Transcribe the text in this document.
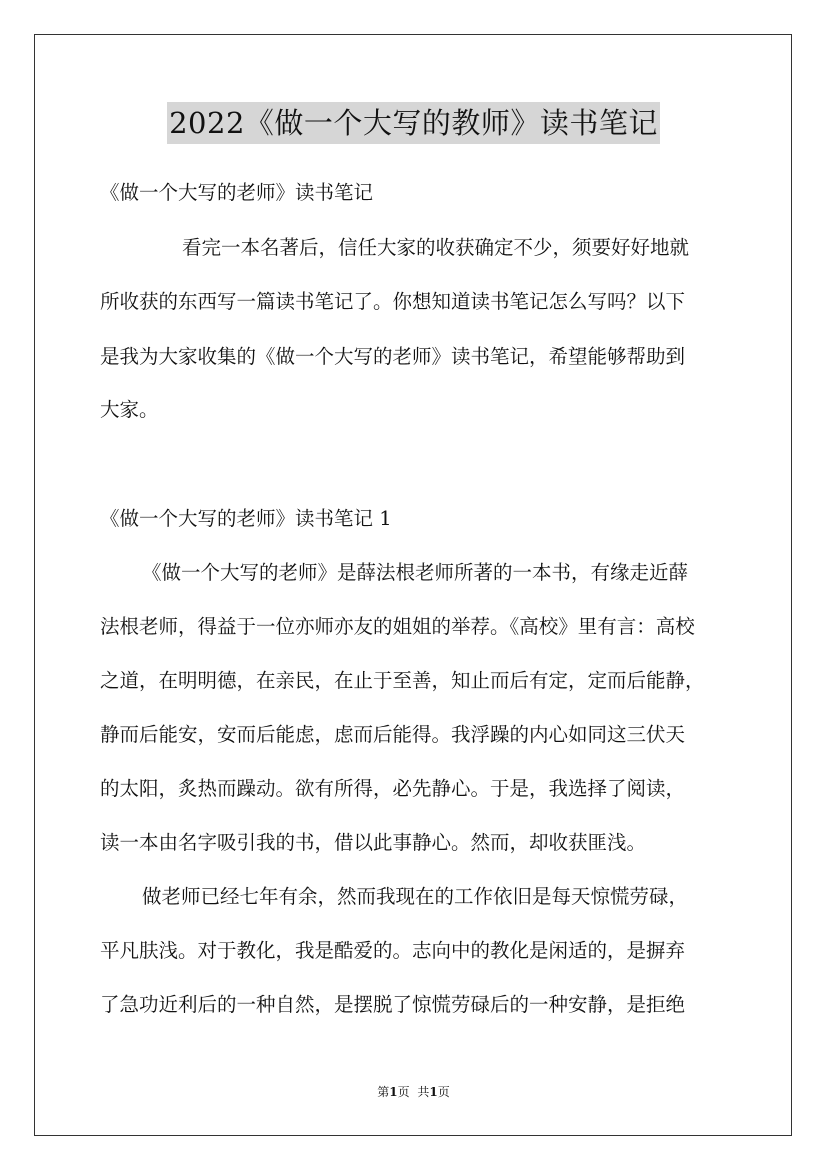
2022《做一个大写的教师》读书笔记
《做一个大写的老师》读书笔记
看完一本名著后，信任大家的收获确定不少，须要好好地就
所收获的东西写一篇读书笔记了。你想知道读书笔记怎么写吗？以下
是我为大家收集的《做一个大写的老师》读书笔记，希望能够帮助到
大家。
《做一个大写的老师》读书笔记 1
《做一个大写的老师》是薛法根老师所著的一本书，有缘走近薛
法根老师，得益于一位亦师亦友的姐姐的举荐。《高校》里有言：高校
之道，在明明德，在亲民，在止于至善，知止而后有定，定而后能静，
静而后能安，安而后能虑，虑而后能得。我浮躁的内心如同这三伏天
的太阳，炙热而躁动。欲有所得，必先静心。于是，我选择了阅读，
读一本由名字吸引我的书，借以此事静心。然而，却收获匪浅。
做老师已经七年有余，然而我现在的工作依旧是每天惊慌劳碌，
平凡肤浅。对于教化，我是酷爱的。志向中的教化是闲适的，是摒弃
了急功近利后的一种自然，是摆脱了惊慌劳碌后的一种安静，是拒绝
第1页 共1页
